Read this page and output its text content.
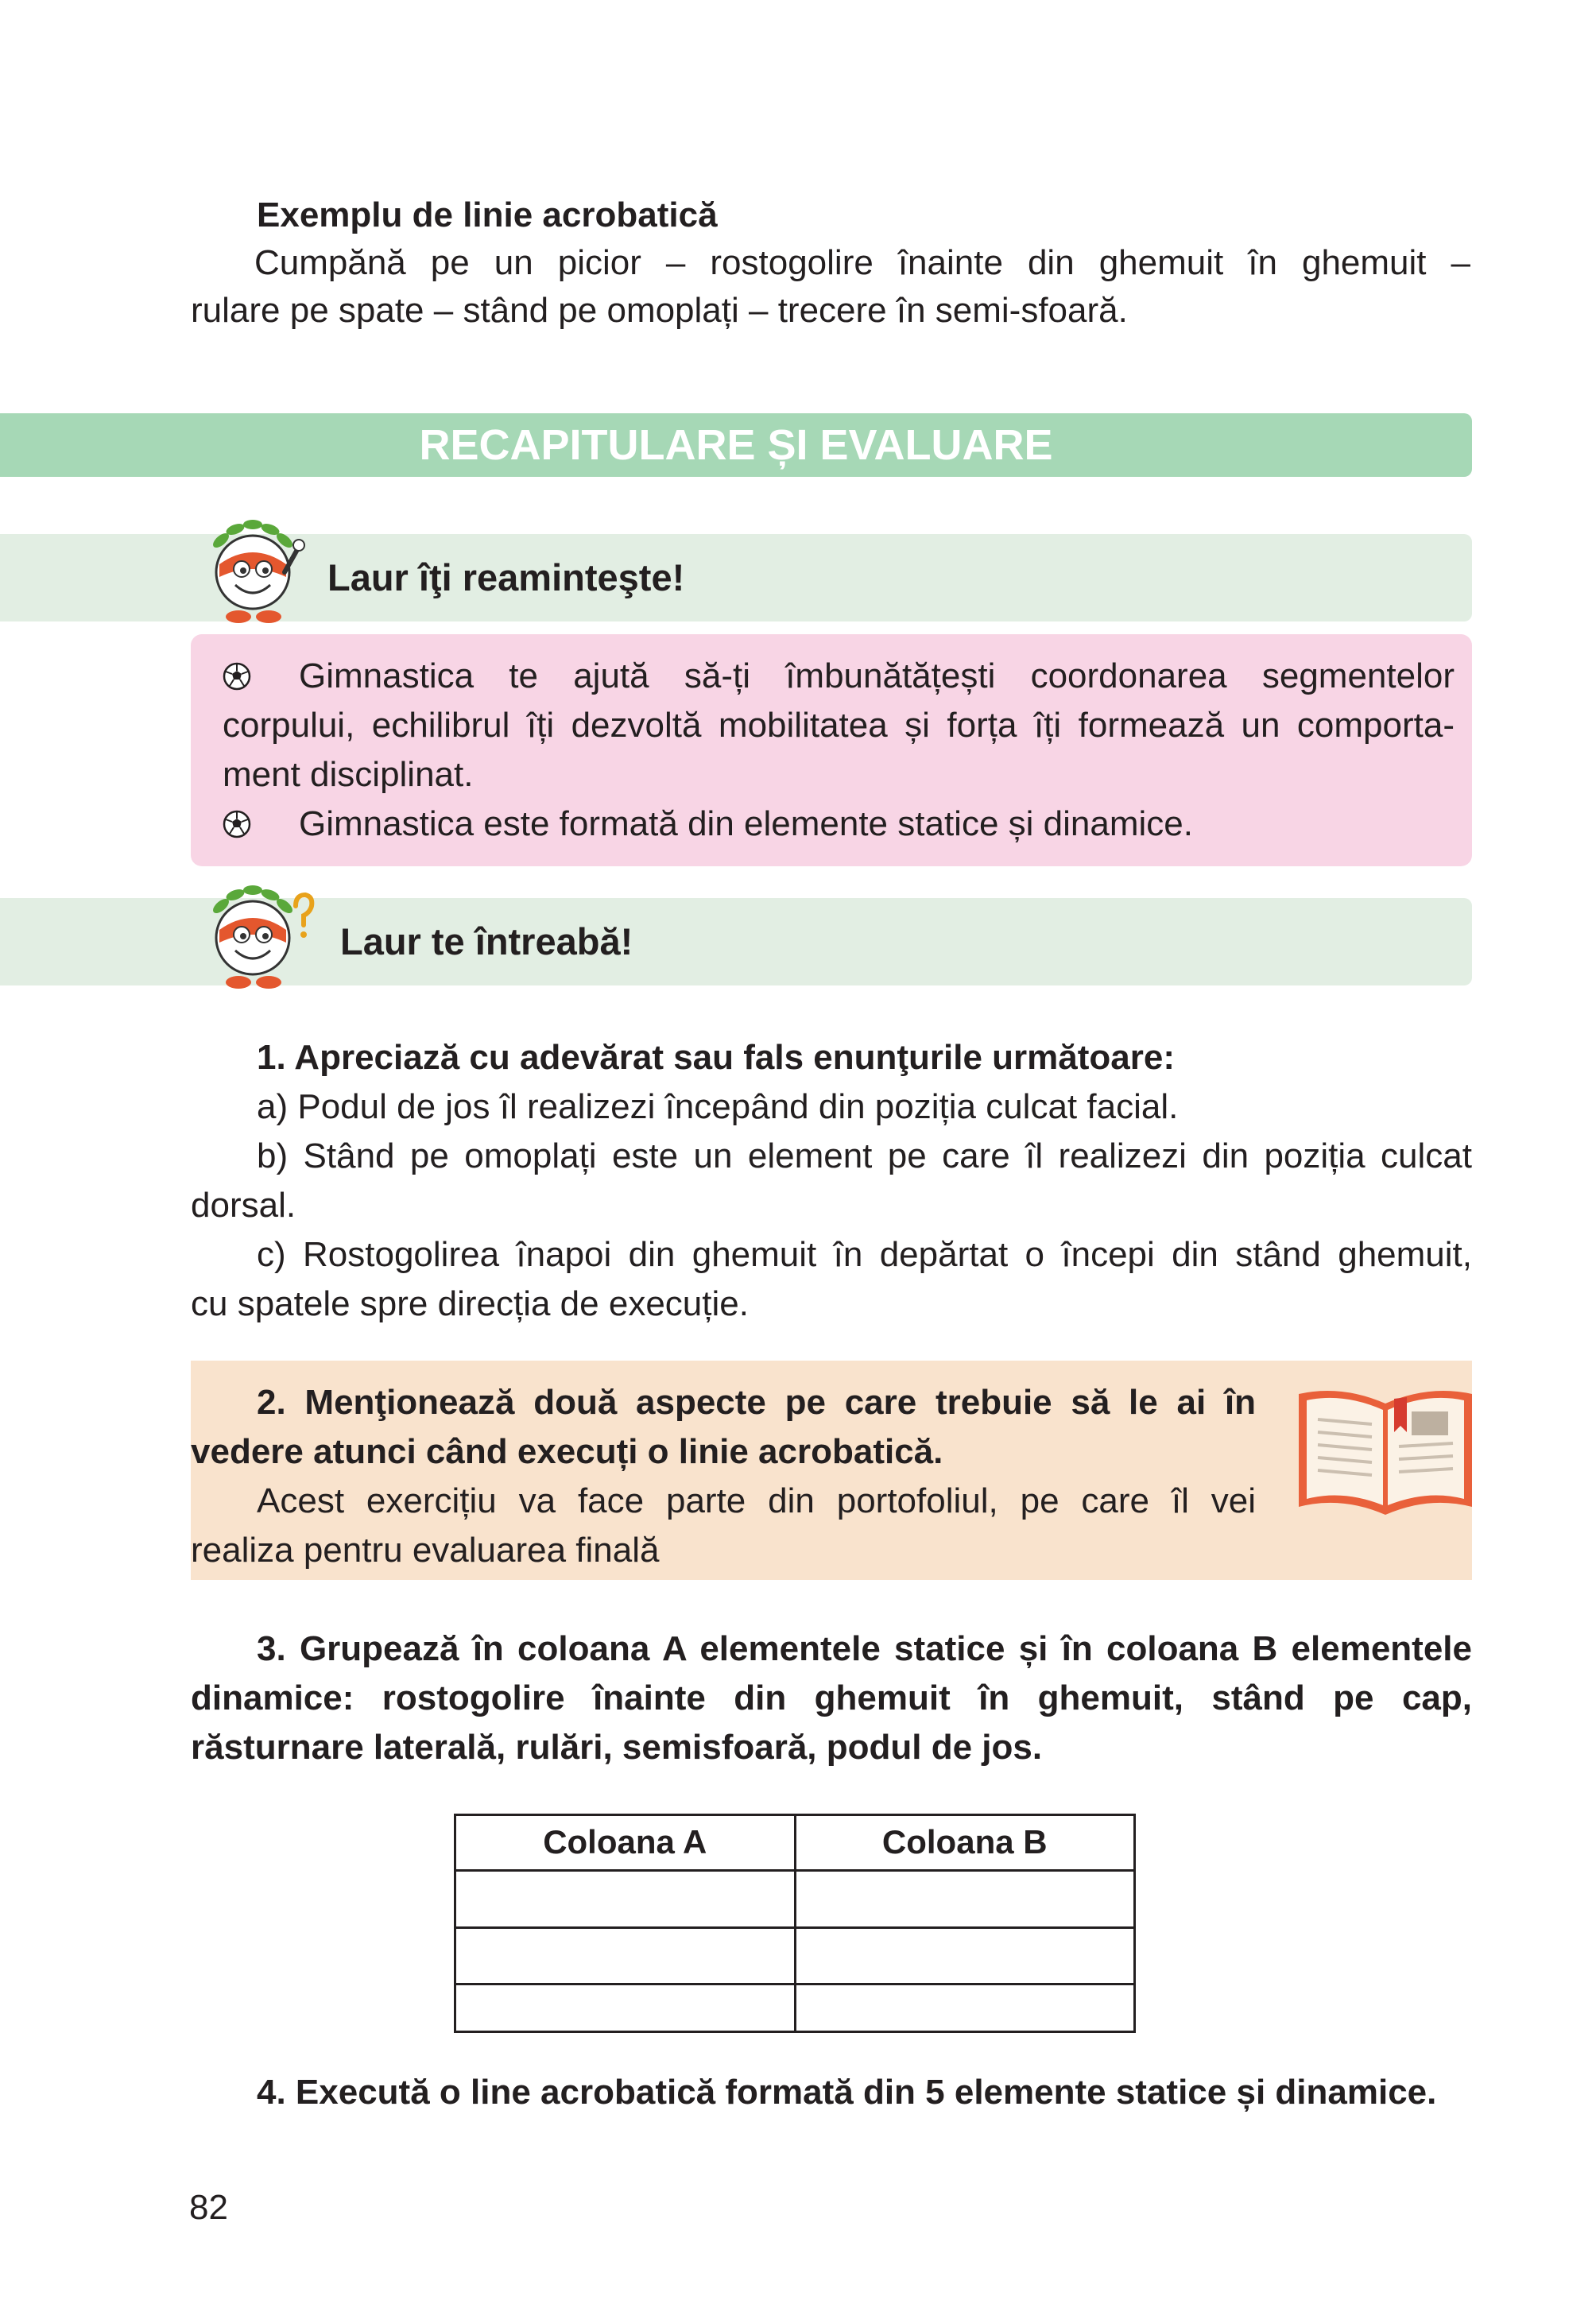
Exemplu de linie acrobatică
Cumpănă pe un picior – rostogolire înainte din ghemuit în ghemuit –
rulare pe spate – stând pe omoplați – trecere în semi-sfoară.
RECAPITULARE ȘI EVALUARE
Laur îţi reaminteşte!
Gimnastica te ajută să-ți îmbunătățești coordonarea segmentelor
corpului, echilibrul îți dezvoltă mobilitatea și forța îți formează un comporta-
ment disciplinat.
Gimnastica este formată din elemente statice și dinamice.
Laur te întreabă!
1. Apreciază cu adevărat sau fals enunţurile următoare:
a) Podul de jos îl realizezi începând din poziția culcat facial.
b) Stând pe omoplați este un element pe care îl realizezi din poziția culcat
dorsal.
c) Rostogolirea înapoi din ghemuit în depărtat o începi din stând ghemuit,
cu spatele spre direcția de execuție.
2. Menţionează două aspecte pe care trebuie să le ai în
vedere atunci când execuți o linie acrobatică.
Acest exercițiu va face parte din portofoliul, pe care îl vei
realiza pentru evaluarea finală
3. Grupează în coloana A elementele statice și în coloana B elementele
dinamice: rostogolire înainte din ghemuit în ghemuit, stând pe cap,
răsturnare laterală, rulări, semisfoară, podul de jos.
Coloana A	Coloana B

4. Execută o line acrobatică formată din 5 elemente statice și dinamice.
82
